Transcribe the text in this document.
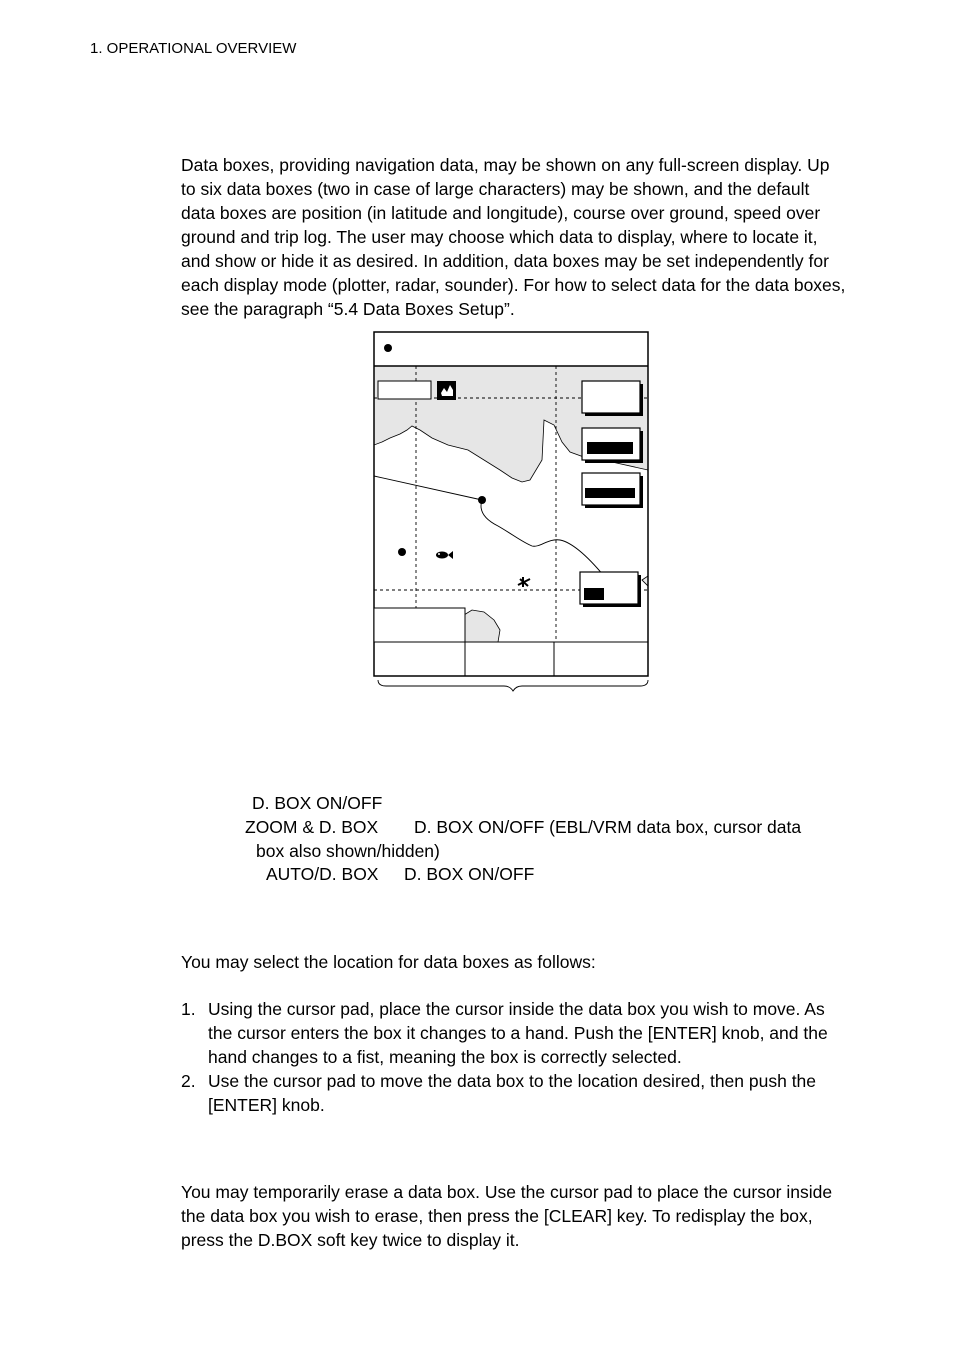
1. OPERATIONAL OVERVIEW

Data boxes, providing navigation data, may be shown on any full-screen display. Up to six data boxes (two in case of large characters) may be shown, and the default data boxes are position (in latitude and longitude), course over ground, speed over ground and trip log. The user may choose which data to display, where to locate it, and show or hide it as desired. In addition, data boxes may be set independently for each display mode (plotter, radar, sounder). For how to select data for the data boxes, see the paragraph “5.4 Data Boxes Setup”.

D. BOX ON/OFF
ZOOM & D. BOX D. BOX ON/OFF (EBL/VRM data box, cursor data
box also shown/hidden)
AUTO/D. BOX D. BOX ON/OFF

You may select the location for data boxes as follows:

1. Using the cursor pad, place the cursor inside the data box you wish to move. As the cursor enters the box it changes to a hand. Push the [ENTER] knob, and the hand changes to a fist, meaning the box is correctly selected.
2. Use the cursor pad to move the data box to the location desired, then push the [ENTER] knob.

You may temporarily erase a data box. Use the cursor pad to place the cursor inside the data box you wish to erase, then press the [CLEAR] key. To redisplay the box, press the D.BOX soft key twice to display it.
